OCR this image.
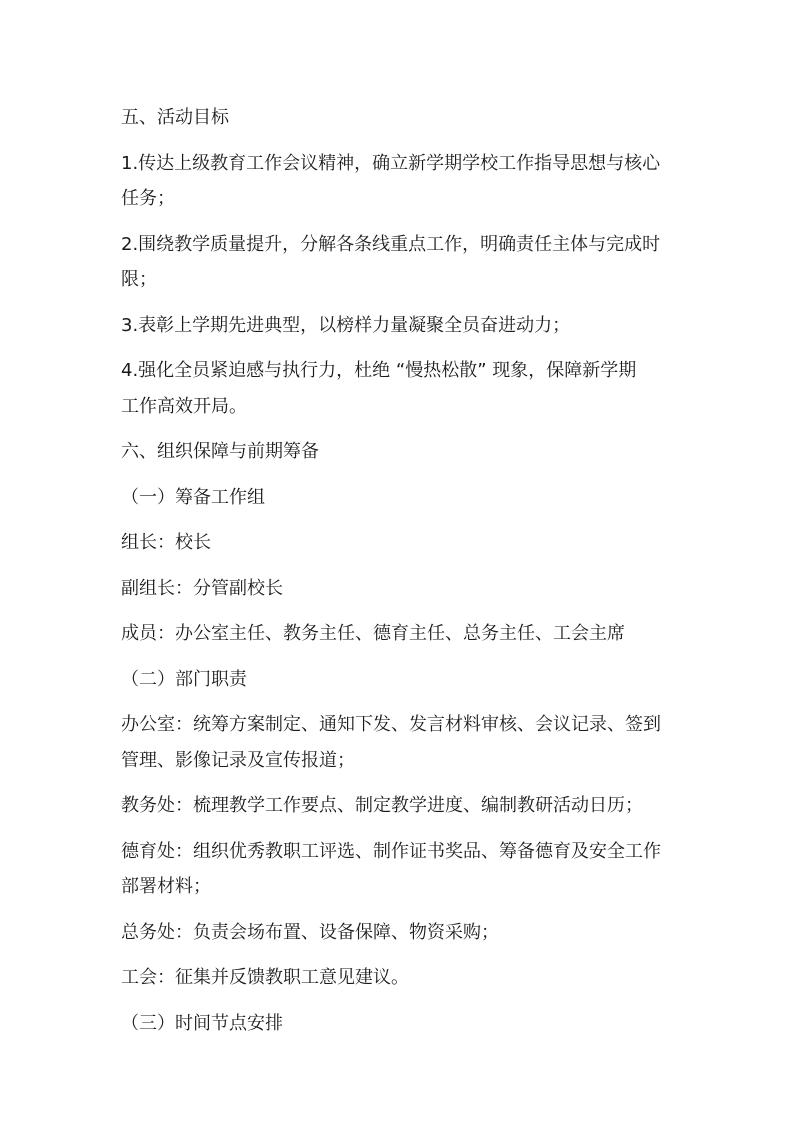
五、活动目标
1.传达上级教育工作会议精神，确立新学期学校工作指导思想与核心
任务；
2.围绕教学质量提升，分解各条线重点工作，明确责任主体与完成时
限；
3.表彰上学期先进典型，以榜样力量凝聚全员奋进动力；
4.强化全员紧迫感与执行力，杜绝 “慢热松散” 现象，保障新学期
工作高效开局。
六、组织保障与前期筹备
（一）筹备工作组
组长：校长
副组长：分管副校长
成员：办公室主任、教务主任、德育主任、总务主任、工会主席
（二）部门职责
办公室：统筹方案制定、通知下发、发言材料审核、会议记录、签到
管理、影像记录及宣传报道；
教务处：梳理教学工作要点、制定教学进度、编制教研活动日历；
德育处：组织优秀教职工评选、制作证书奖品、筹备德育及安全工作
部署材料；
总务处：负责会场布置、设备保障、物资采购；
工会：征集并反馈教职工意见建议。
（三）时间节点安排
